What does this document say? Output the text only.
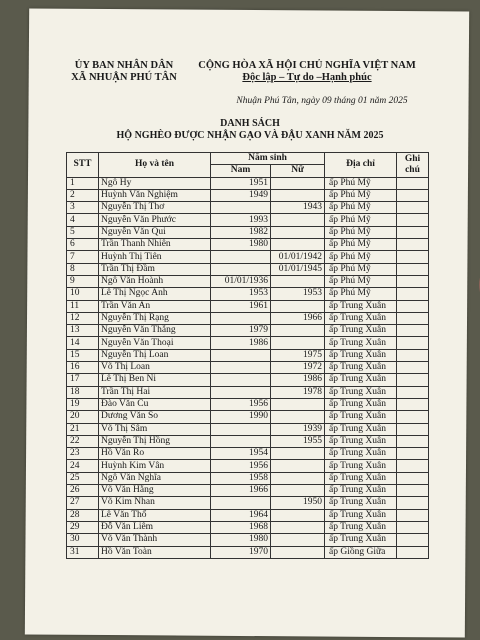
ỦY BAN NHÂN DÂN
XÃ NHUẬN PHÚ TÂN
CỘNG HÒA XÃ HỘI CHỦ NGHĨA VIỆT NAM
Độc lập – Tự do –Hạnh phúc
Nhuận Phú Tân, ngày 09 tháng 01 năm 2025
DANH SÁCH
HỘ NGHÈO ĐƯỢC NHẬN GẠO VÀ ĐẬU XANH NĂM 2025
STT	Họ và tên	Năm sinh		Địa chỉ	Ghi chú
		Nam	Nữ		
1	Ngô Hy	1951		ấp Phú Mỹ	
2	Huỳnh Văn Nghiệm	1949		ấp Phú Mỹ	
3	Nguyễn Thị Thơ		1943	ấp Phú Mỹ	
4	Nguyễn Văn Phước	1993		ấp Phú Mỹ	
5	Nguyễn Văn Qui	1982		ấp Phú Mỹ	
6	Trần Thanh Nhiên	1980		ấp Phú Mỹ	
7	Huỳnh Thị Tiên		01/01/1942	ấp Phú Mỹ	
8	Trần Thị Đầm		01/01/1945	ấp Phú Mỹ	
9	Ngô Văn Hoành	01/01/1936		ấp Phú Mỹ	
10	Lê Thị Ngọc Anh	1953	1953	ấp Phú Mỹ	
11	Trần Văn An	1961		ấp Trung Xuân	
12	Nguyễn Thị Rạng		1966	ấp Trung Xuân	
13	Nguyễn Văn Thắng	1979		ấp Trung Xuân	
14	Nguyễn Văn Thoại	1986		ấp Trung Xuân	
15	Nguyễn Thị Loan		1975	ấp Trung Xuân	
16	Võ Thị Loan		1972	ấp Trung Xuân	
17	Lê Thị Ben Ni		1986	ấp Trung Xuân	
18	Trần Thị Hai		1978	ấp Trung Xuân	
19	Đào Văn Cu	1956		ấp Trung Xuân	
20	Dương Văn So	1990		ấp Trung Xuân	
21	Võ Thị Sâm		1939	ấp Trung Xuân	
22	Nguyễn Thị Hồng		1955	ấp Trung Xuân	
23	Hồ Văn Ro	1954		ấp Trung Xuân	
24	Huỳnh Kim Vân	1956		ấp Trung Xuân	
25	Ngô Văn Nghĩa	1958		ấp Trung Xuân	
26	Võ Văn Hằng	1966		ấp Trung Xuân	
27	Võ Kim Nhan		1950	ấp Trung Xuân	
28	Lê Văn Thổ	1964		ấp Trung Xuân	
29	Đỗ Văn Liêm	1968		ấp Trung Xuân	
30	Võ Văn Thành	1980		ấp Trung Xuân	
31	Hồ Văn Toàn	1970		ấp Giồng Giữa	
